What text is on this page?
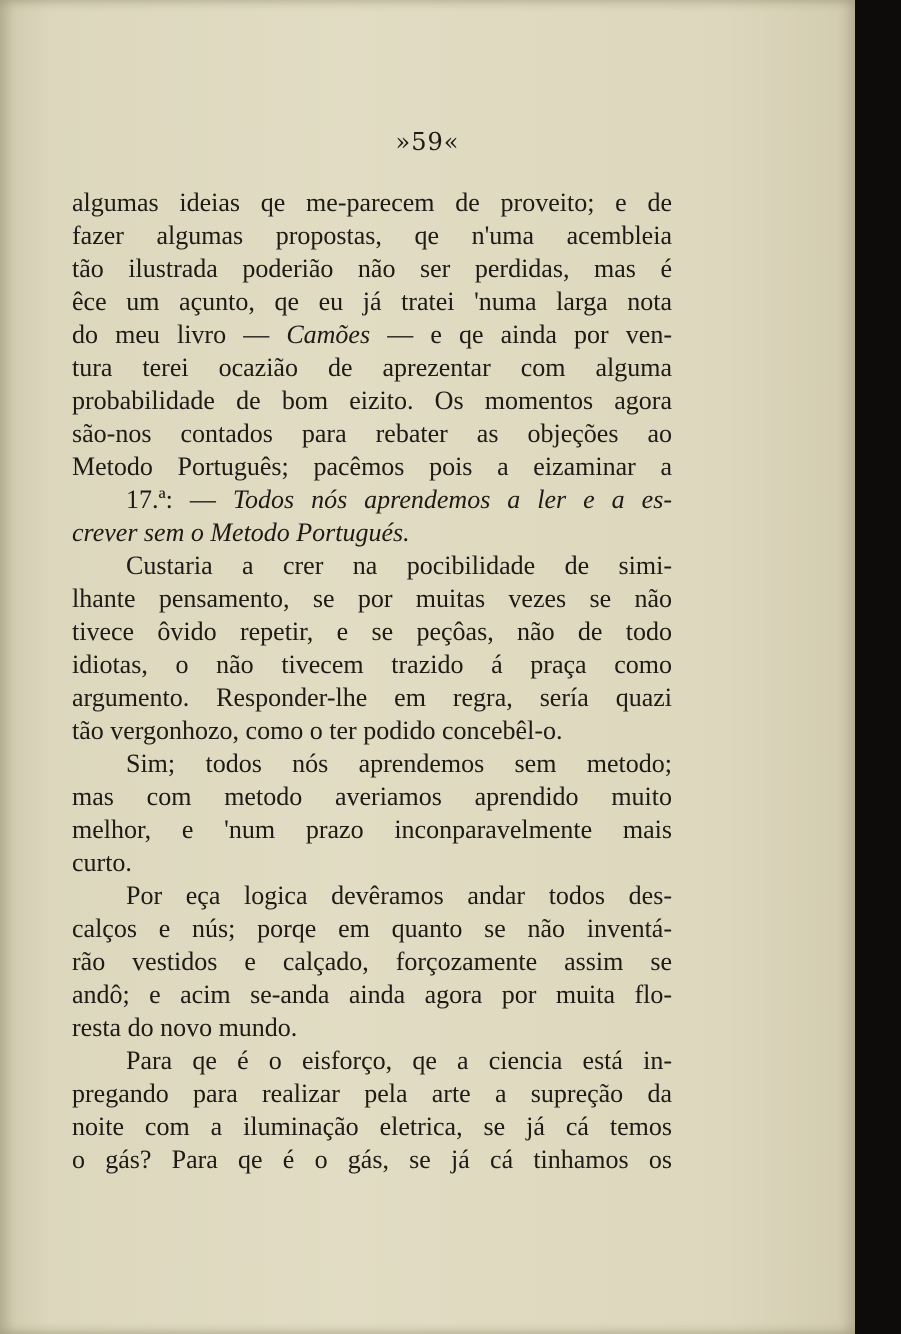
»59«
algumas ideias qe me-parecem de proveito; e de
fazer algumas propostas, qe n'uma acembleia
tão ilustrada poderião não ser perdidas, mas é
êce um açunto, qe eu já tratei 'numa larga nota
do meu livro — Camões — e qe ainda por ven-
tura terei ocazião de aprezentar com alguma
probabilidade de bom eizito. Os momentos agora
são-nos contados para rebater as objeções ao
Metodo Português; pacêmos pois a eizaminar a
17.ª: — Todos nós aprendemos a ler e a es-
crever sem o Metodo Portugués.
Custaria a crer na pocibilidade de simi-
lhante pensamento, se por muitas vezes se não
tivece ôvido repetir, e se peçôas, não de todo
idiotas, o não tivecem trazido á praça como
argumento. Responder-lhe em regra, sería quazi
tão vergonhozo, como o ter podido concebêl-o.
Sim; todos nós aprendemos sem metodo;
mas com metodo averiamos aprendido muito
melhor, e 'num prazo inconparavelmente mais
curto.
Por eça logica devêramos andar todos des-
calços e nús; porqe em quanto se não inventá-
rão vestidos e calçado, forçozamente assim se
andô; e acim se-anda ainda agora por muita flo-
resta do novo mundo.
Para qe é o eisforço, qe a ciencia está in-
pregando para realizar pela arte a supreção da
noite com a iluminação eletrica, se já cá temos
o gás? Para qe é o gás, se já cá tinhamos os
